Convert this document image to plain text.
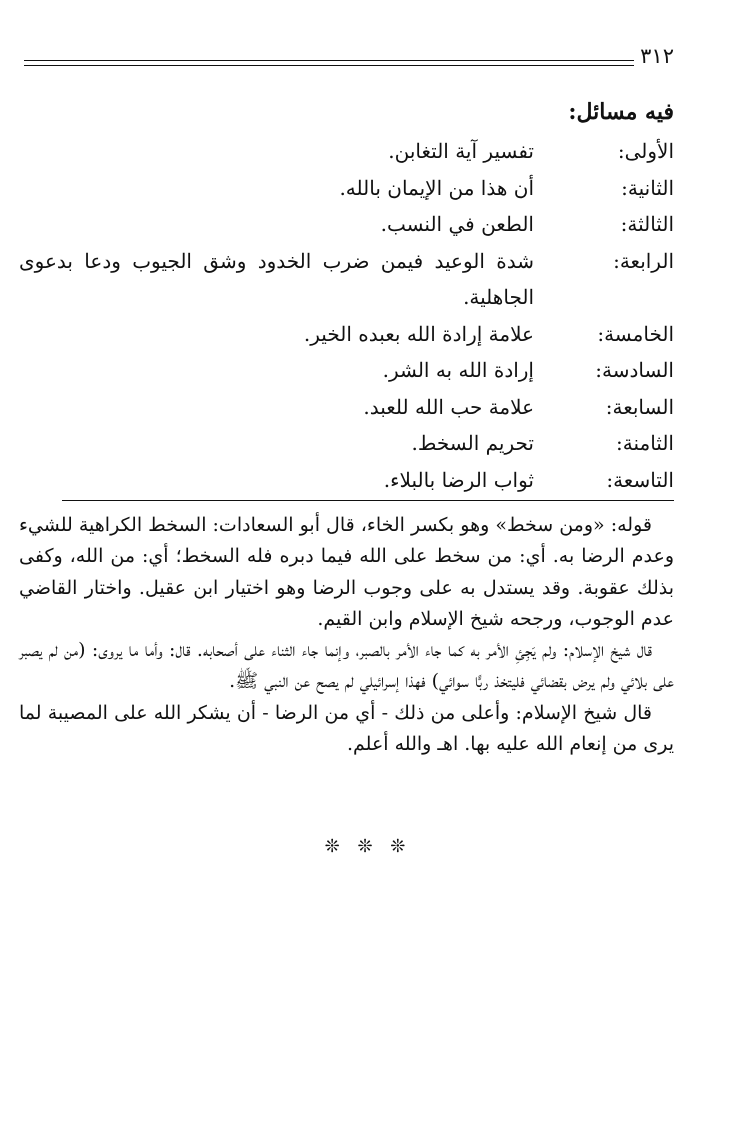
٣١٢
فيه مسائل:
الأولى:
تفسير آية التغابن.
الثانية:
أن هذا من الإيمان بالله.
الثالثة:
الطعن في النسب.
الرابعة:
شدة الوعيد فيمن ضرب الخدود وشق الجيوب ودعا بدعوى الجاهلية.
الخامسة:
علامة إرادة الله بعبده الخير.
السادسة:
إرادة الله به الشر.
السابعة:
علامة حب الله للعبد.
الثامنة:
تحريم السخط.
التاسعة:
ثواب الرضا بالبلاء.

قوله: «ومن سخط» وهو بكسر الخاء، قال أبو السعادات: السخط الكراهية للشيء وعدم الرضا به. أي: من سخط على الله فيما دبره فله السخط؛ أي: من الله، وكفى بذلك عقوبة. وقد يستدل به على وجوب الرضا وهو اختيار ابن عقيل. واختار القاضي عدم الوجوب، ورجحه شيخ الإسلام وابن القيم.

قال شيخ الإسلام: ولم يَجِئِ الأمر به كما جاء الأمر بالصبر، وإنما جاء الثناء على أصحابه. قال: وأما ما يروى: (من لم يصبر على بلائي ولم يرض بقضائي فليتخذ ربًّا سوائي) فهذا إسرائيلي لم يصح عن النبي ﷺ.

قال شيخ الإسلام: وأعلى من ذلك - أي من الرضا - أن يشكر الله على المصيبة لما يرى من إنعام الله عليه بها. اهـ والله أعلم.

❊ ❊ ❊
